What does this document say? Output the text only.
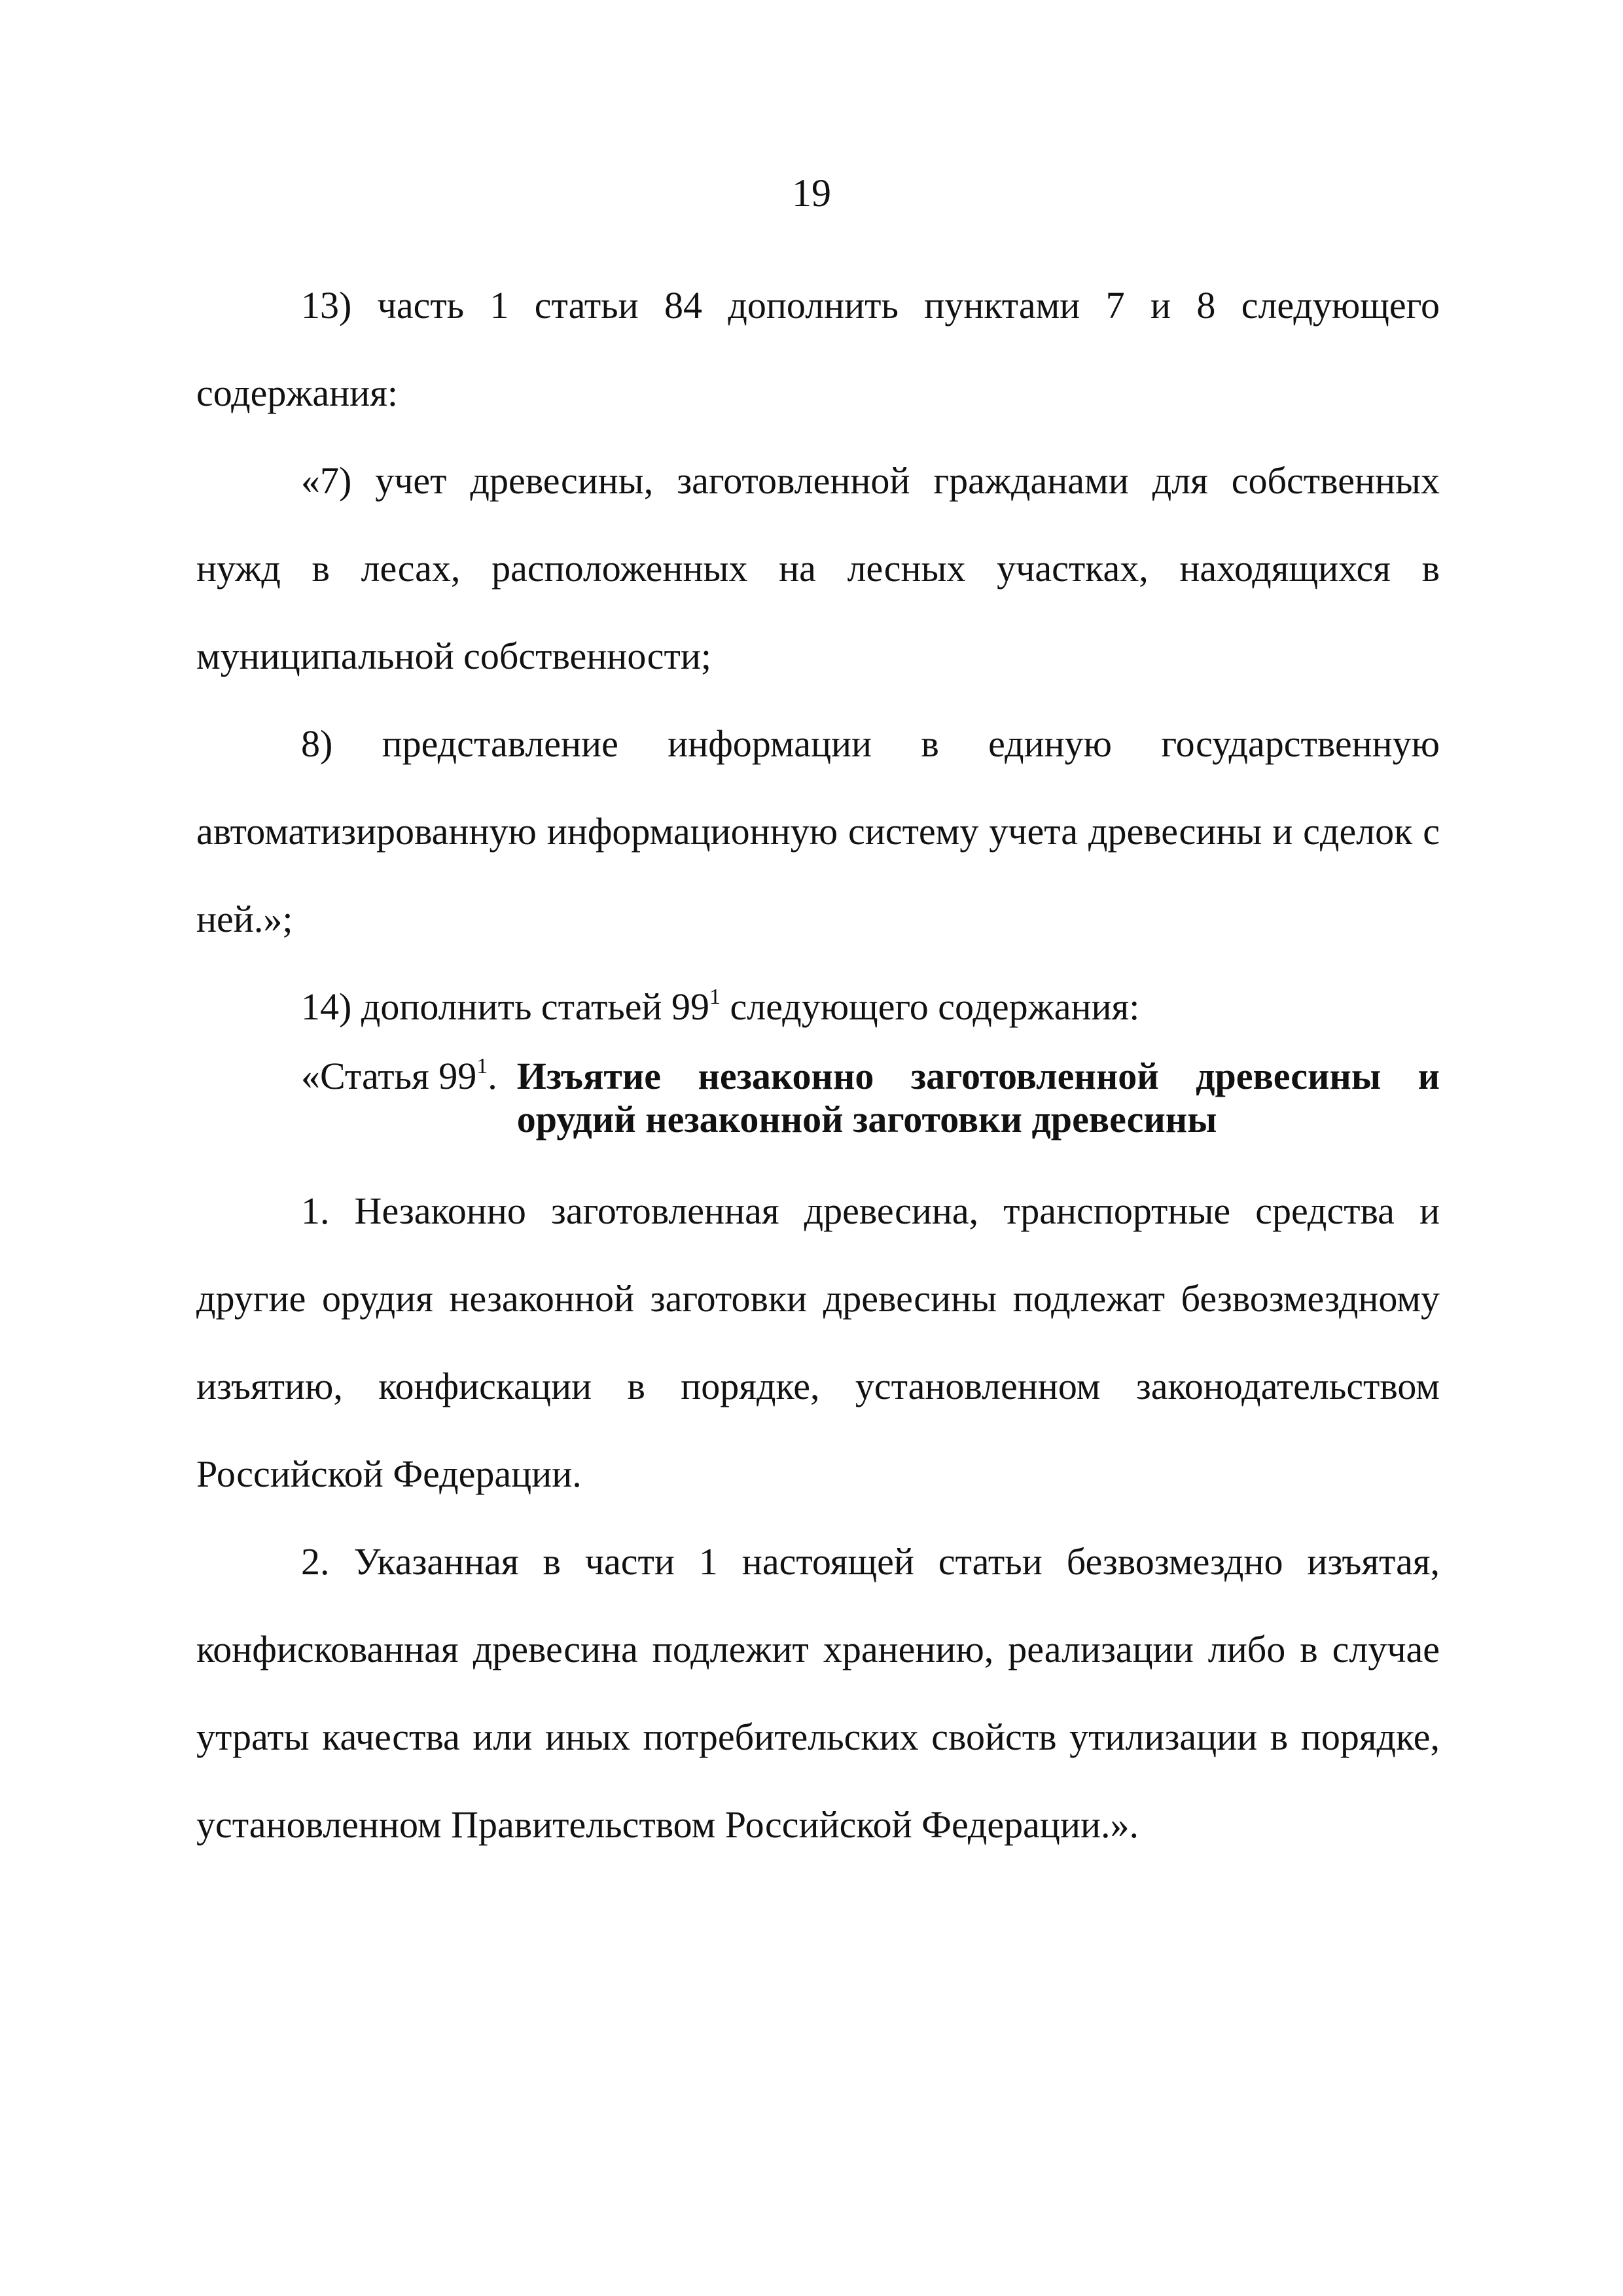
19

13) часть 1 статьи 84 дополнить пунктами 7 и 8 следующего содержания:

«7) учет древесины, заготовленной гражданами для собственных нужд в лесах, расположенных на лесных участках, находящихся в муниципальной собственности;

8) представление информации в единую государственную автоматизированную информационную систему учета древесины и сделок с ней.»;

14) дополнить статьей $99^1$ следующего содержания:

«Статья $99^1$. Изъятие незаконно заготовленной древесины и орудий незаконной заготовки древесины

1. Незаконно заготовленная древесина, транспортные средства и другие орудия незаконной заготовки древесины подлежат безвозмездному изъятию, конфискации в порядке, установленном законодательством Российской Федерации.

2. Указанная в части 1 настоящей статьи безвозмездно изъятая, конфискованная древесина подлежит хранению, реализации либо в случае утраты качества или иных потребительских свойств утилизации в порядке, установленном Правительством Российской Федерации.».
